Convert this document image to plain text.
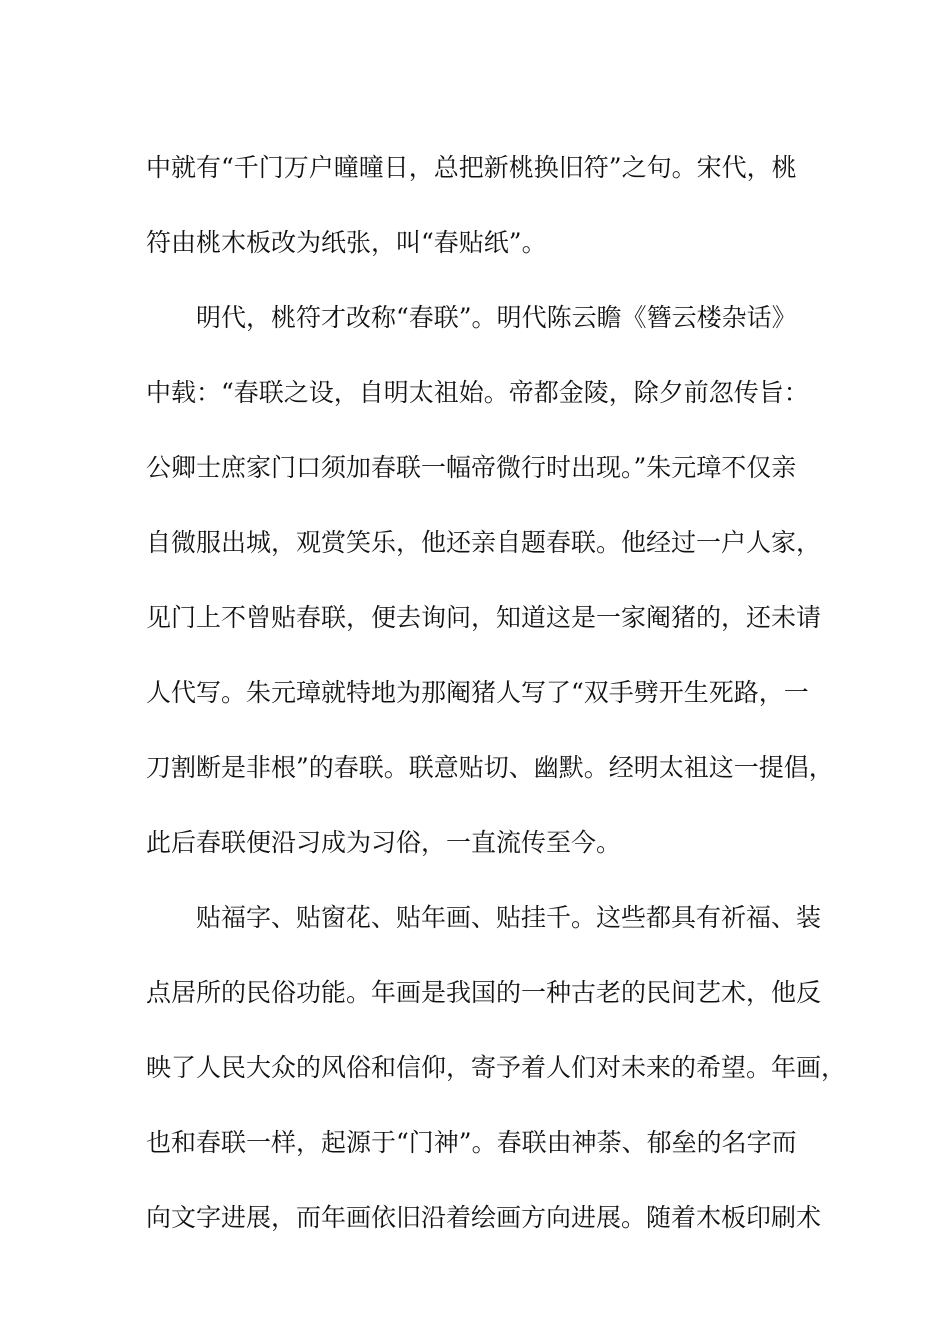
中就有“千门万户曈曈日，总把新桃换旧符”之句。宋代，桃
符由桃木板改为纸张，叫“春贴纸”。
明代，桃符才改称“春联”。明代陈云瞻《簪云楼杂话》
中载：“春联之设，自明太祖始。帝都金陵，除夕前忽传旨：
公卿士庶家门口须加春联一幅帝微行时出现。”朱元璋不仅亲
自微服出城，观赏笑乐，他还亲自题春联。他经过一户人家，
见门上不曾贴春联，便去询问，知道这是一家阉猪的，还未请
人代写。朱元璋就特地为那阉猪人写了“双手劈开生死路，一
刀割断是非根”的春联。联意贴切、幽默。经明太祖这一提倡，
此后春联便沿习成为习俗，一直流传至今。
贴福字、贴窗花、贴年画、贴挂千。这些都具有祈福、装
点居所的民俗功能。年画是我国的一种古老的民间艺术，他反
映了人民大众的风俗和信仰，寄予着人们对未来的希望。年画，
也和春联一样，起源于“门神”。春联由神荼、郁垒的名字而
向文字进展，而年画依旧沿着绘画方向进展。随着木板印刷术
